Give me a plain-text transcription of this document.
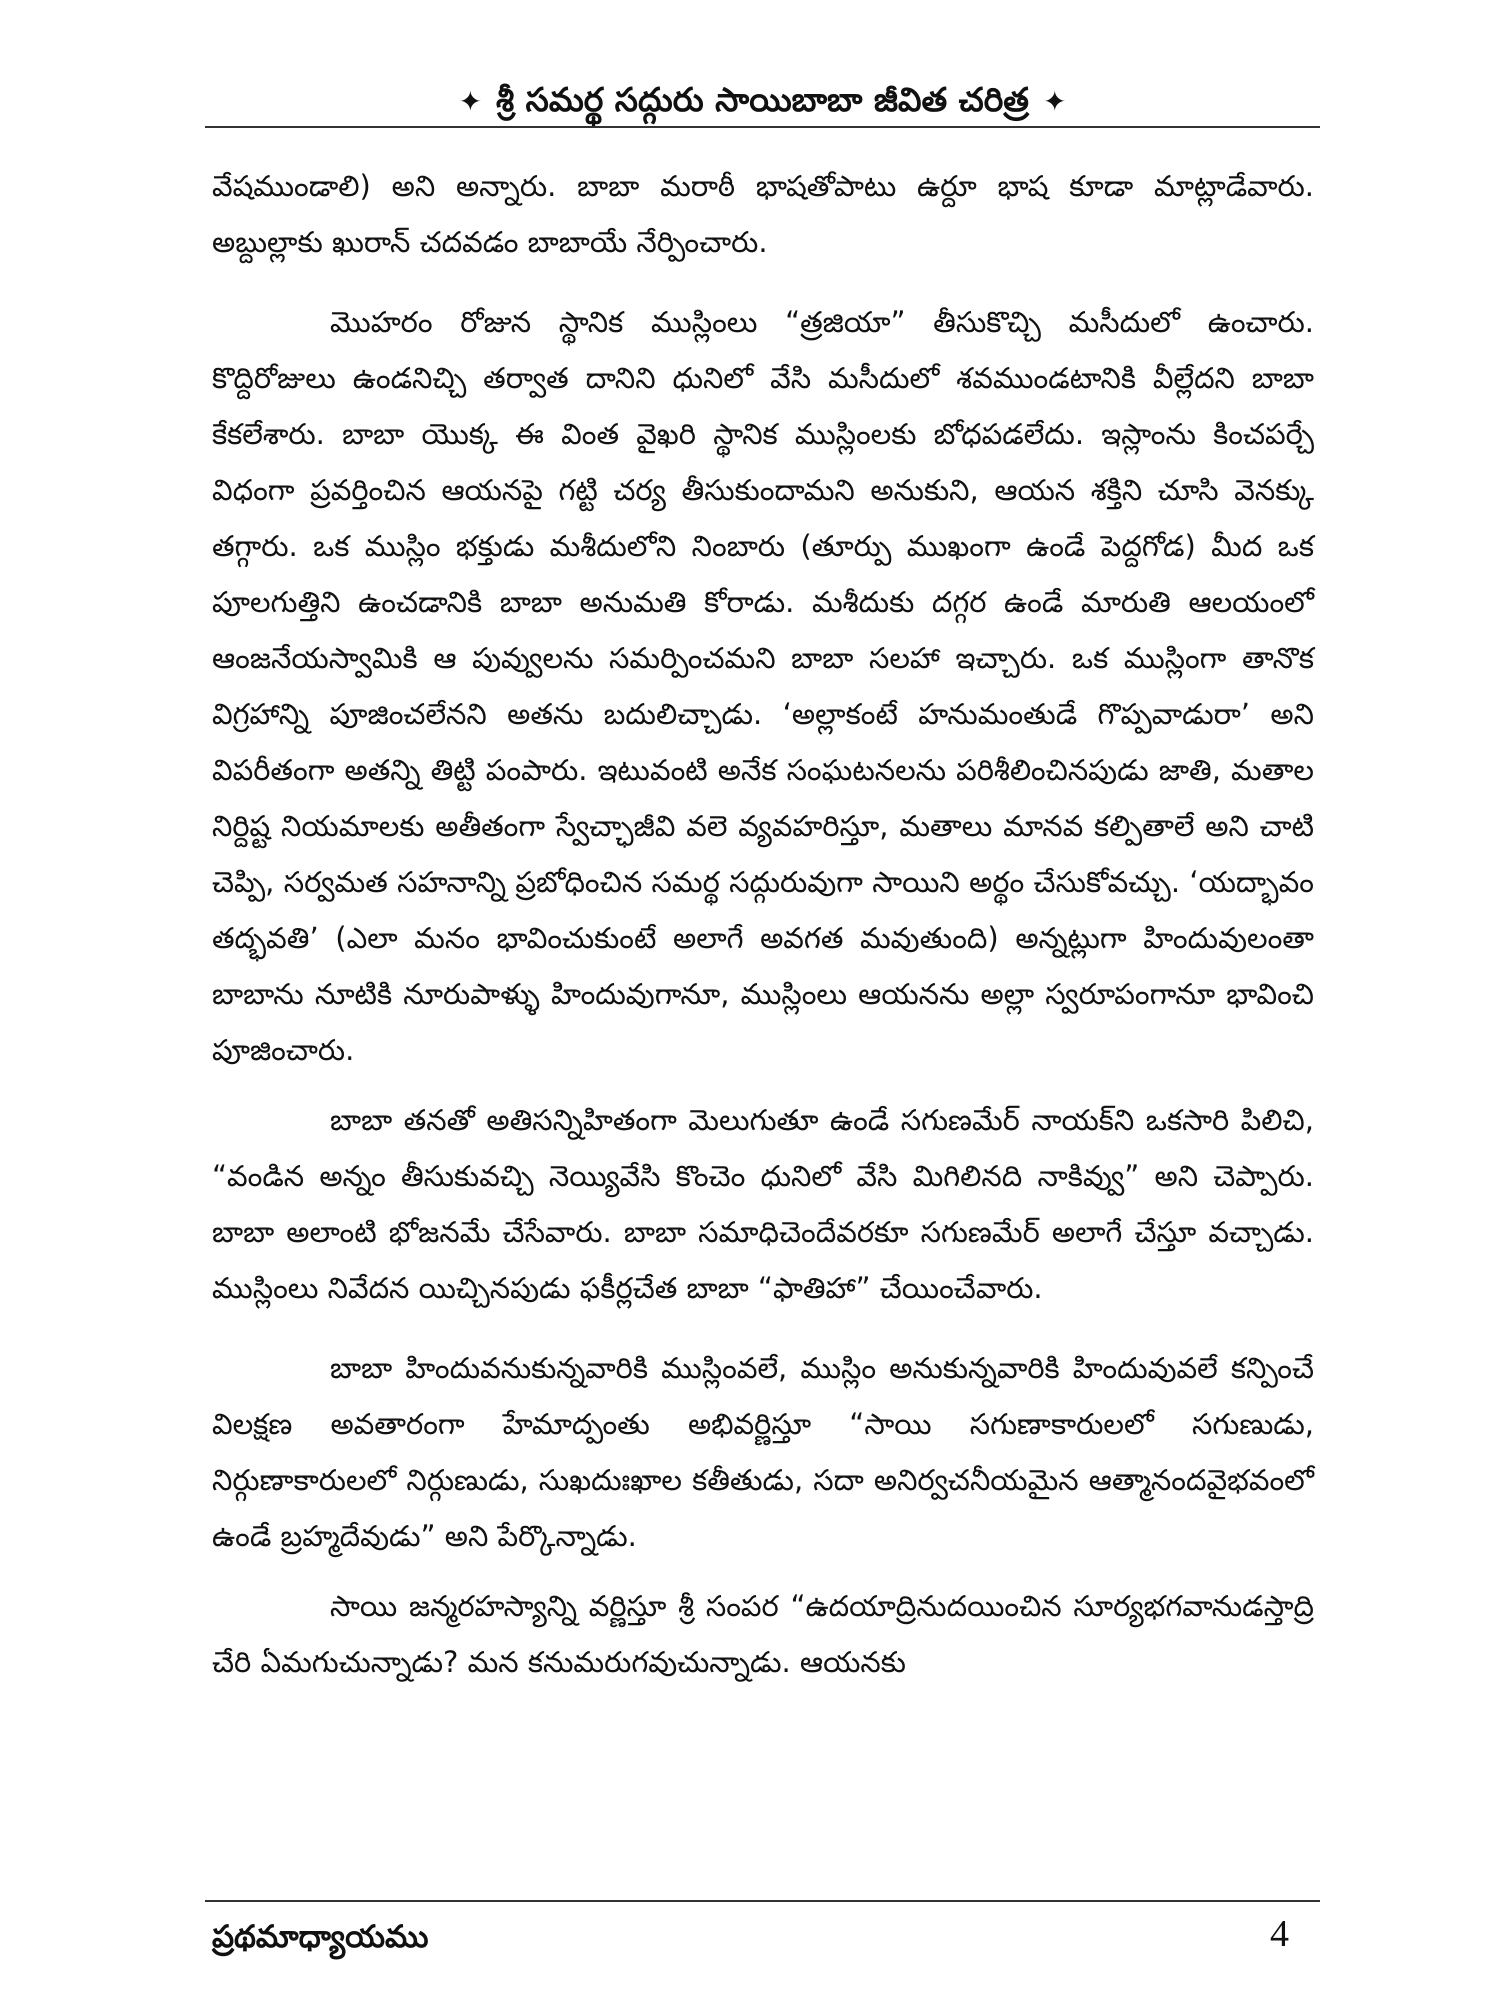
✦ శ్రీ సమర్థ సద్గురు సాయిబాబా జీవిత చరిత్ర ✦

వేషముండాలి) అని అన్నారు. బాబా మరాఠీ భాషతోపాటు ఉర్దూ భాష కూడా మాట్లాడేవారు. అబ్దుల్లాకు ఖురాన్ చదవడం బాబాయే నేర్పించారు.

మొహరం రోజున స్థానిక ముస్లింలు “త్రజియా” తీసుకొచ్చి మసీదులో ఉంచారు. కొద్దిరోజులు ఉండనిచ్చి తర్వాత దానిని ధునిలో వేసి మసీదులో శవముండటానికి వీల్లేదని బాబా కేకలేశారు. బాబా యొక్క ఈ వింత వైఖరి స్థానిక ముస్లింలకు బోధపడలేదు. ఇస్లాంను కించపర్చే విధంగా ప్రవర్తించిన ఆయనపై గట్టి చర్య తీసుకుందామని అనుకుని, ఆయన శక్తిని చూసి వెనక్కు తగ్గారు. ఒక ముస్లిం భక్తుడు మశీదులోని నింబారు (తూర్పు ముఖంగా ఉండే పెద్దగోడ) మీద ఒక పూలగుత్తిని ఉంచడానికి బాబా అనుమతి కోరాడు. మశీదుకు దగ్గర ఉండే మారుతి ఆలయంలో ఆంజనేయస్వామికి ఆ పువ్వులను సమర్పించమని బాబా సలహా ఇచ్చారు. ఒక ముస్లింగా తానొక విగ్రహాన్ని పూజించలేనని అతను బదులిచ్చాడు. ‘అల్లాకంటే హనుమంతుడే గొప్పవాడురా’ అని విపరీతంగా అతన్ని తిట్టి పంపారు. ఇటువంటి అనేక సంఘటనలను పరిశీలించినపుడు జాతి, మతాల నిర్దిష్ట నియమాలకు అతీతంగా స్వేచ్ఛాజీవి వలె వ్యవహరిస్తూ, మతాలు మానవ కల్పితాలే అని చాటి చెప్పి, సర్వమత సహనాన్ని ప్రబోధించిన సమర్థ సద్గురువుగా సాయిని అర్థం చేసుకోవచ్చు. ‘యద్భావం తద్భవతి’ (ఎలా మనం భావించుకుంటే అలాగే అవగత మవుతుంది) అన్నట్లుగా హిందువులంతా బాబాను నూటికి నూరుపాళ్ళు హిందువుగానూ, ముస్లింలు ఆయనను అల్లా స్వరూపంగానూ భావించి పూజించారు.

బాబా తనతో అతిసన్నిహితంగా మెలుగుతూ ఉండే సగుణమేర్ నాయక్‌ని ఒకసారి పిలిచి, “వండిన అన్నం తీసుకువచ్చి నెయ్యివేసి కొంచెం ధునిలో వేసి మిగిలినది నాకివ్వు” అని చెప్పారు. బాబా అలాంటి భోజనమే చేసేవారు. బాబా సమాధిచెందేవరకూ సగుణమేర్ అలాగే చేస్తూ వచ్చాడు. ముస్లింలు నివేదన యిచ్చినపుడు ఫకీర్లచేత బాబా “ఫాతిహా” చేయించేవారు.

బాబా హిందువనుకున్నవారికి ముస్లింవలే, ముస్లిం అనుకున్నవారికి హిందువువలే కన్పించే విలక్షణ అవతారంగా హేమాద్పంతు అభివర్ణిస్తూ “సాయి సగుణాకారులలో సగుణుడు, నిర్గుణాకారులలో నిర్గుణుడు, సుఖదుఃఖాల కతీతుడు, సదా అనిర్వచనీయమైన ఆత్మానందవైభవంలో ఉండే బ్రహ్మదేవుడు” అని పేర్కొన్నాడు.

సాయి జన్మరహస్యాన్ని వర్ణిస్తూ శ్రీ సంపర “ఉదయాద్రినుదయించిన సూర్యభగవానుడస్తాద్రి చేరి ఏమగుచున్నాడు? మన కనుమరుగవుచున్నాడు. ఆయనకు

ప్రథమాధ్యాయము	4
